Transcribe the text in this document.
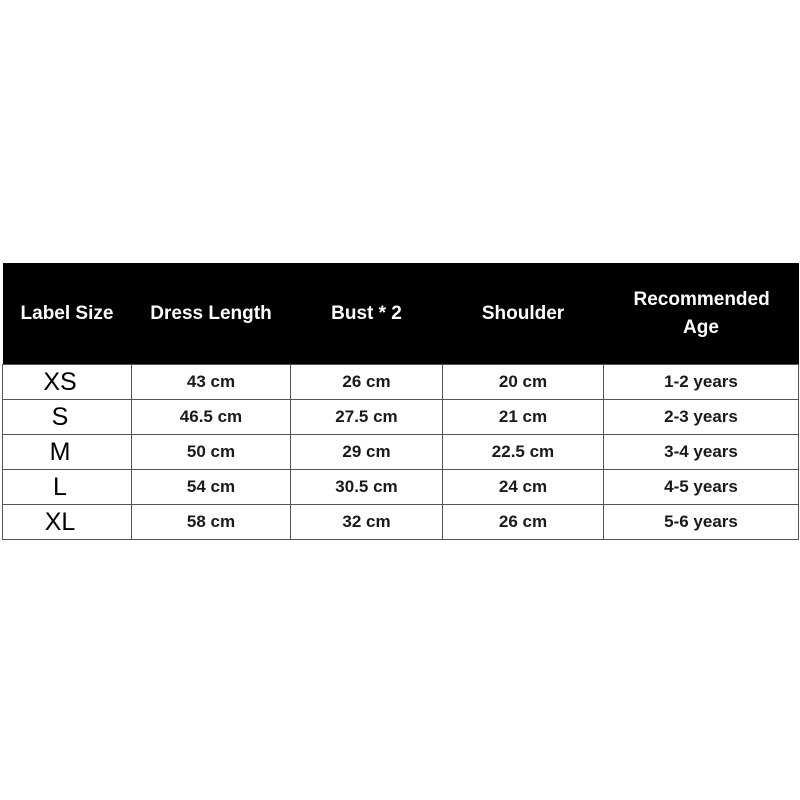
Label Size	Dress Length	Bust * 2	Shoulder	Recommended Age
XS	43 cm	26 cm	20 cm	1-2 years
S	46.5 cm	27.5 cm	21 cm	2-3 years
M	50 cm	29 cm	22.5 cm	3-4 years
L	54 cm	30.5 cm	24 cm	4-5 years
XL	58 cm	32 cm	26 cm	5-6 years
